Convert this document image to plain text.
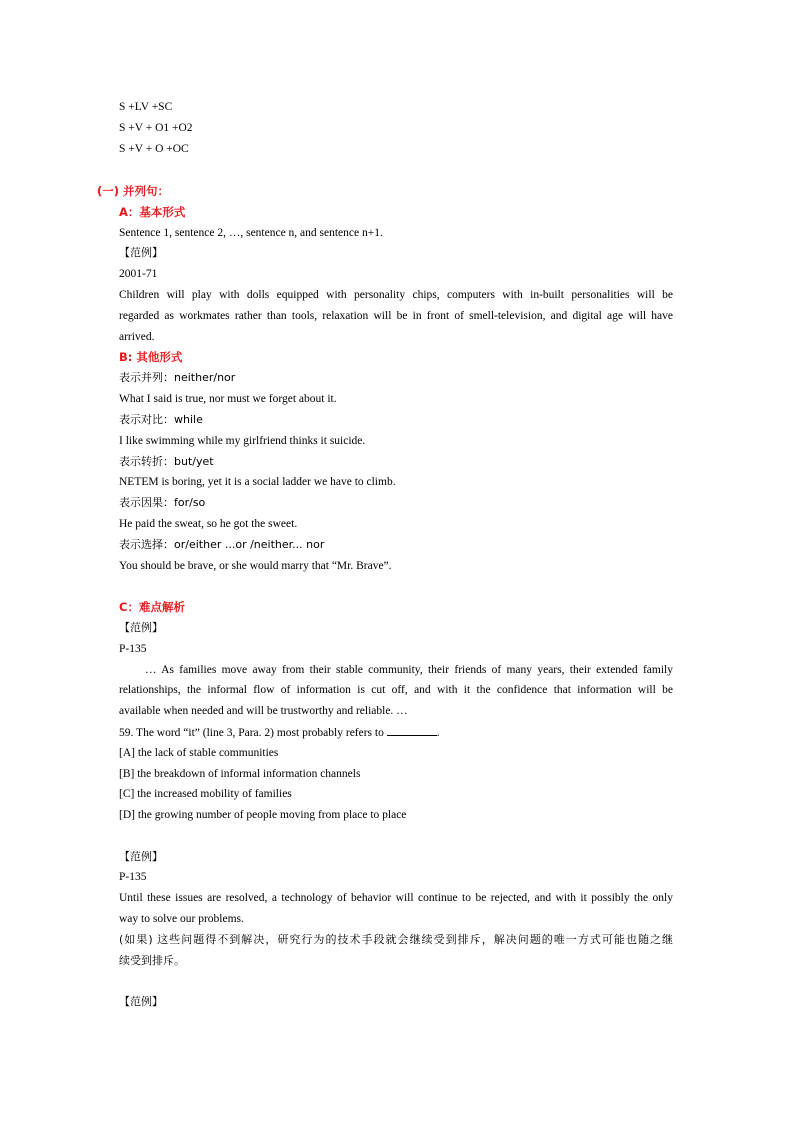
S +LV +SC
S +V + O1 +O2
S +V + O +OC
(一) 并列句：
A：基本形式
Sentence 1, sentence 2, …, sentence n, and sentence n+1.
【范例】
2001-71
Children will play with dolls equipped with personality chips, computers with in-built personalities will be
regarded as workmates rather than tools, relaxation will be in front of smell-television, and digital age will have
arrived.
B: 其他形式
表示并列：neither/nor
What I said is true, nor must we forget about it.
表示对比：while
I like swimming while my girlfriend thinks it suicide.
表示转折：but/yet
NETEM is boring, yet it is a social ladder we have to climb.
表示因果：for/so
He paid the sweat, so he got the sweet.
表示选择：or/either ...or /neither... nor
You should be brave, or she would marry that “Mr. Brave”.
C：难点解析
【范例】
P-135
… As families move away from their stable community, their friends of many years, their extended family
relationships, the informal flow of information is cut off, and with it the confidence that information will be
available when needed and will be trustworthy and reliable. …
59. The word “it” (line 3, Para. 2) most probably refers to	.
[A] the lack of stable communities
[B] the breakdown of informal information channels
[C] the increased mobility of families
[D] the growing number of people moving from place to place
【范例】
P-135
Until these issues are resolved, a technology of behavior will continue to be rejected, and with it possibly the only
way to solve our problems.
(如果) 这些问题得不到解决，研究行为的技术手段就会继续受到排斥，解决问题的唯一方式可能也随之继
续受到排斥。
【范例】
